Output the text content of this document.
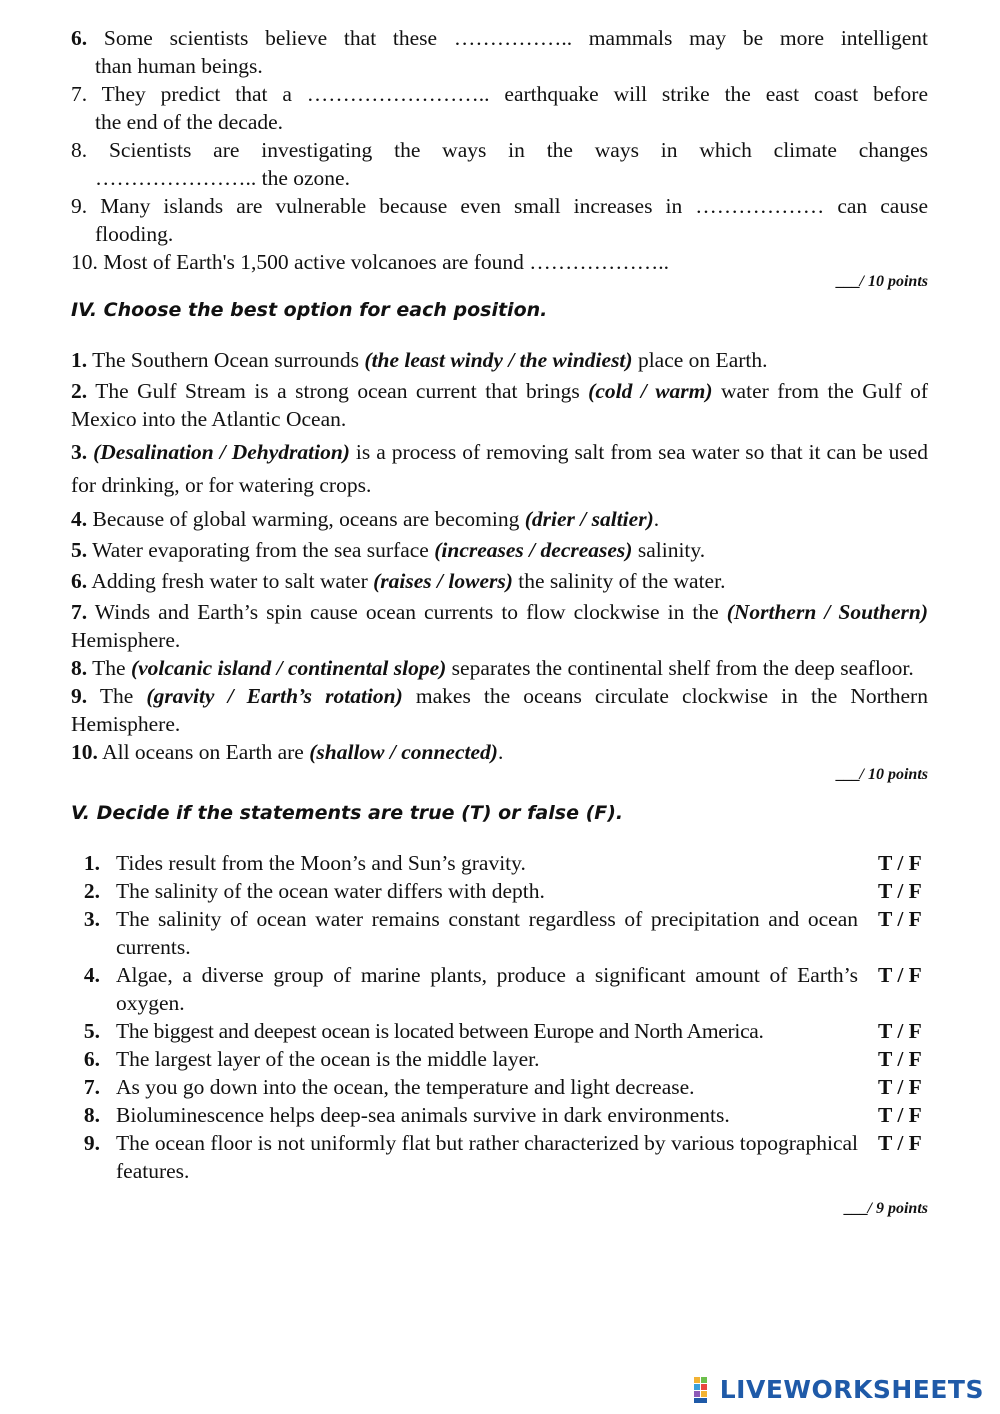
6. Some scientists believe that these …………….. mammals may be more intelligent
than human beings.
7. They predict that a …………………….. earthquake will strike the east coast before
the end of the decade.
8. Scientists are investigating the ways in the ways in which climate changes
………………….. the ozone.
9. Many islands are vulnerable because even small increases in ……………… can cause
flooding.
10. Most of Earth's 1,500 active volcanoes are found ………………..
___/ 10 points
IV. Choose the best option for each position.
1. The Southern Ocean surrounds (the least windy / the windiest) place on Earth.
2. The Gulf Stream is a strong ocean current that brings (cold / warm) water from the Gulf of Mexico into the Atlantic Ocean.
3. (Desalination / Dehydration) is a process of removing salt from sea water so that it can be used for drinking, or for watering crops.
4. Because of global warming, oceans are becoming (drier / saltier).
5. Water evaporating from the sea surface (increases / decreases) salinity.
6. Adding fresh water to salt water (raises / lowers) the salinity of the water.
7. Winds and Earth’s spin cause ocean currents to flow clockwise in the (Northern / Southern) Hemisphere.
8. The (volcanic island / continental slope) separates the continental shelf from the deep seafloor.
9. The (gravity / Earth’s rotation) makes the oceans circulate clockwise in the Northern Hemisphere.
10. All oceans on Earth are (shallow / connected).
___/ 10 points
V. Decide if the statements are true (T) or false (F).
1. Tides result from the Moon’s and Sun’s gravity.	T / F
2. The salinity of the ocean water differs with depth.	T / F
3. The salinity of ocean water remains constant regardless of precipitation and ocean currents.
T / F
4. Algae, a diverse group of marine plants, produce a significant amount of Earth’s oxygen.
T / F
5. The biggest and deepest ocean is located between Europe and North America.	T / F
6. The largest layer of the ocean is the middle layer.	T / F
7. As you go down into the ocean, the temperature and light decrease.	T / F
8. Bioluminescence helps deep-sea animals survive in dark environments.	T / F
9. The ocean floor is not uniformly flat but rather characterized by various topographical features.
T / F
___/ 9 points
LIVEWORKSHEETS
